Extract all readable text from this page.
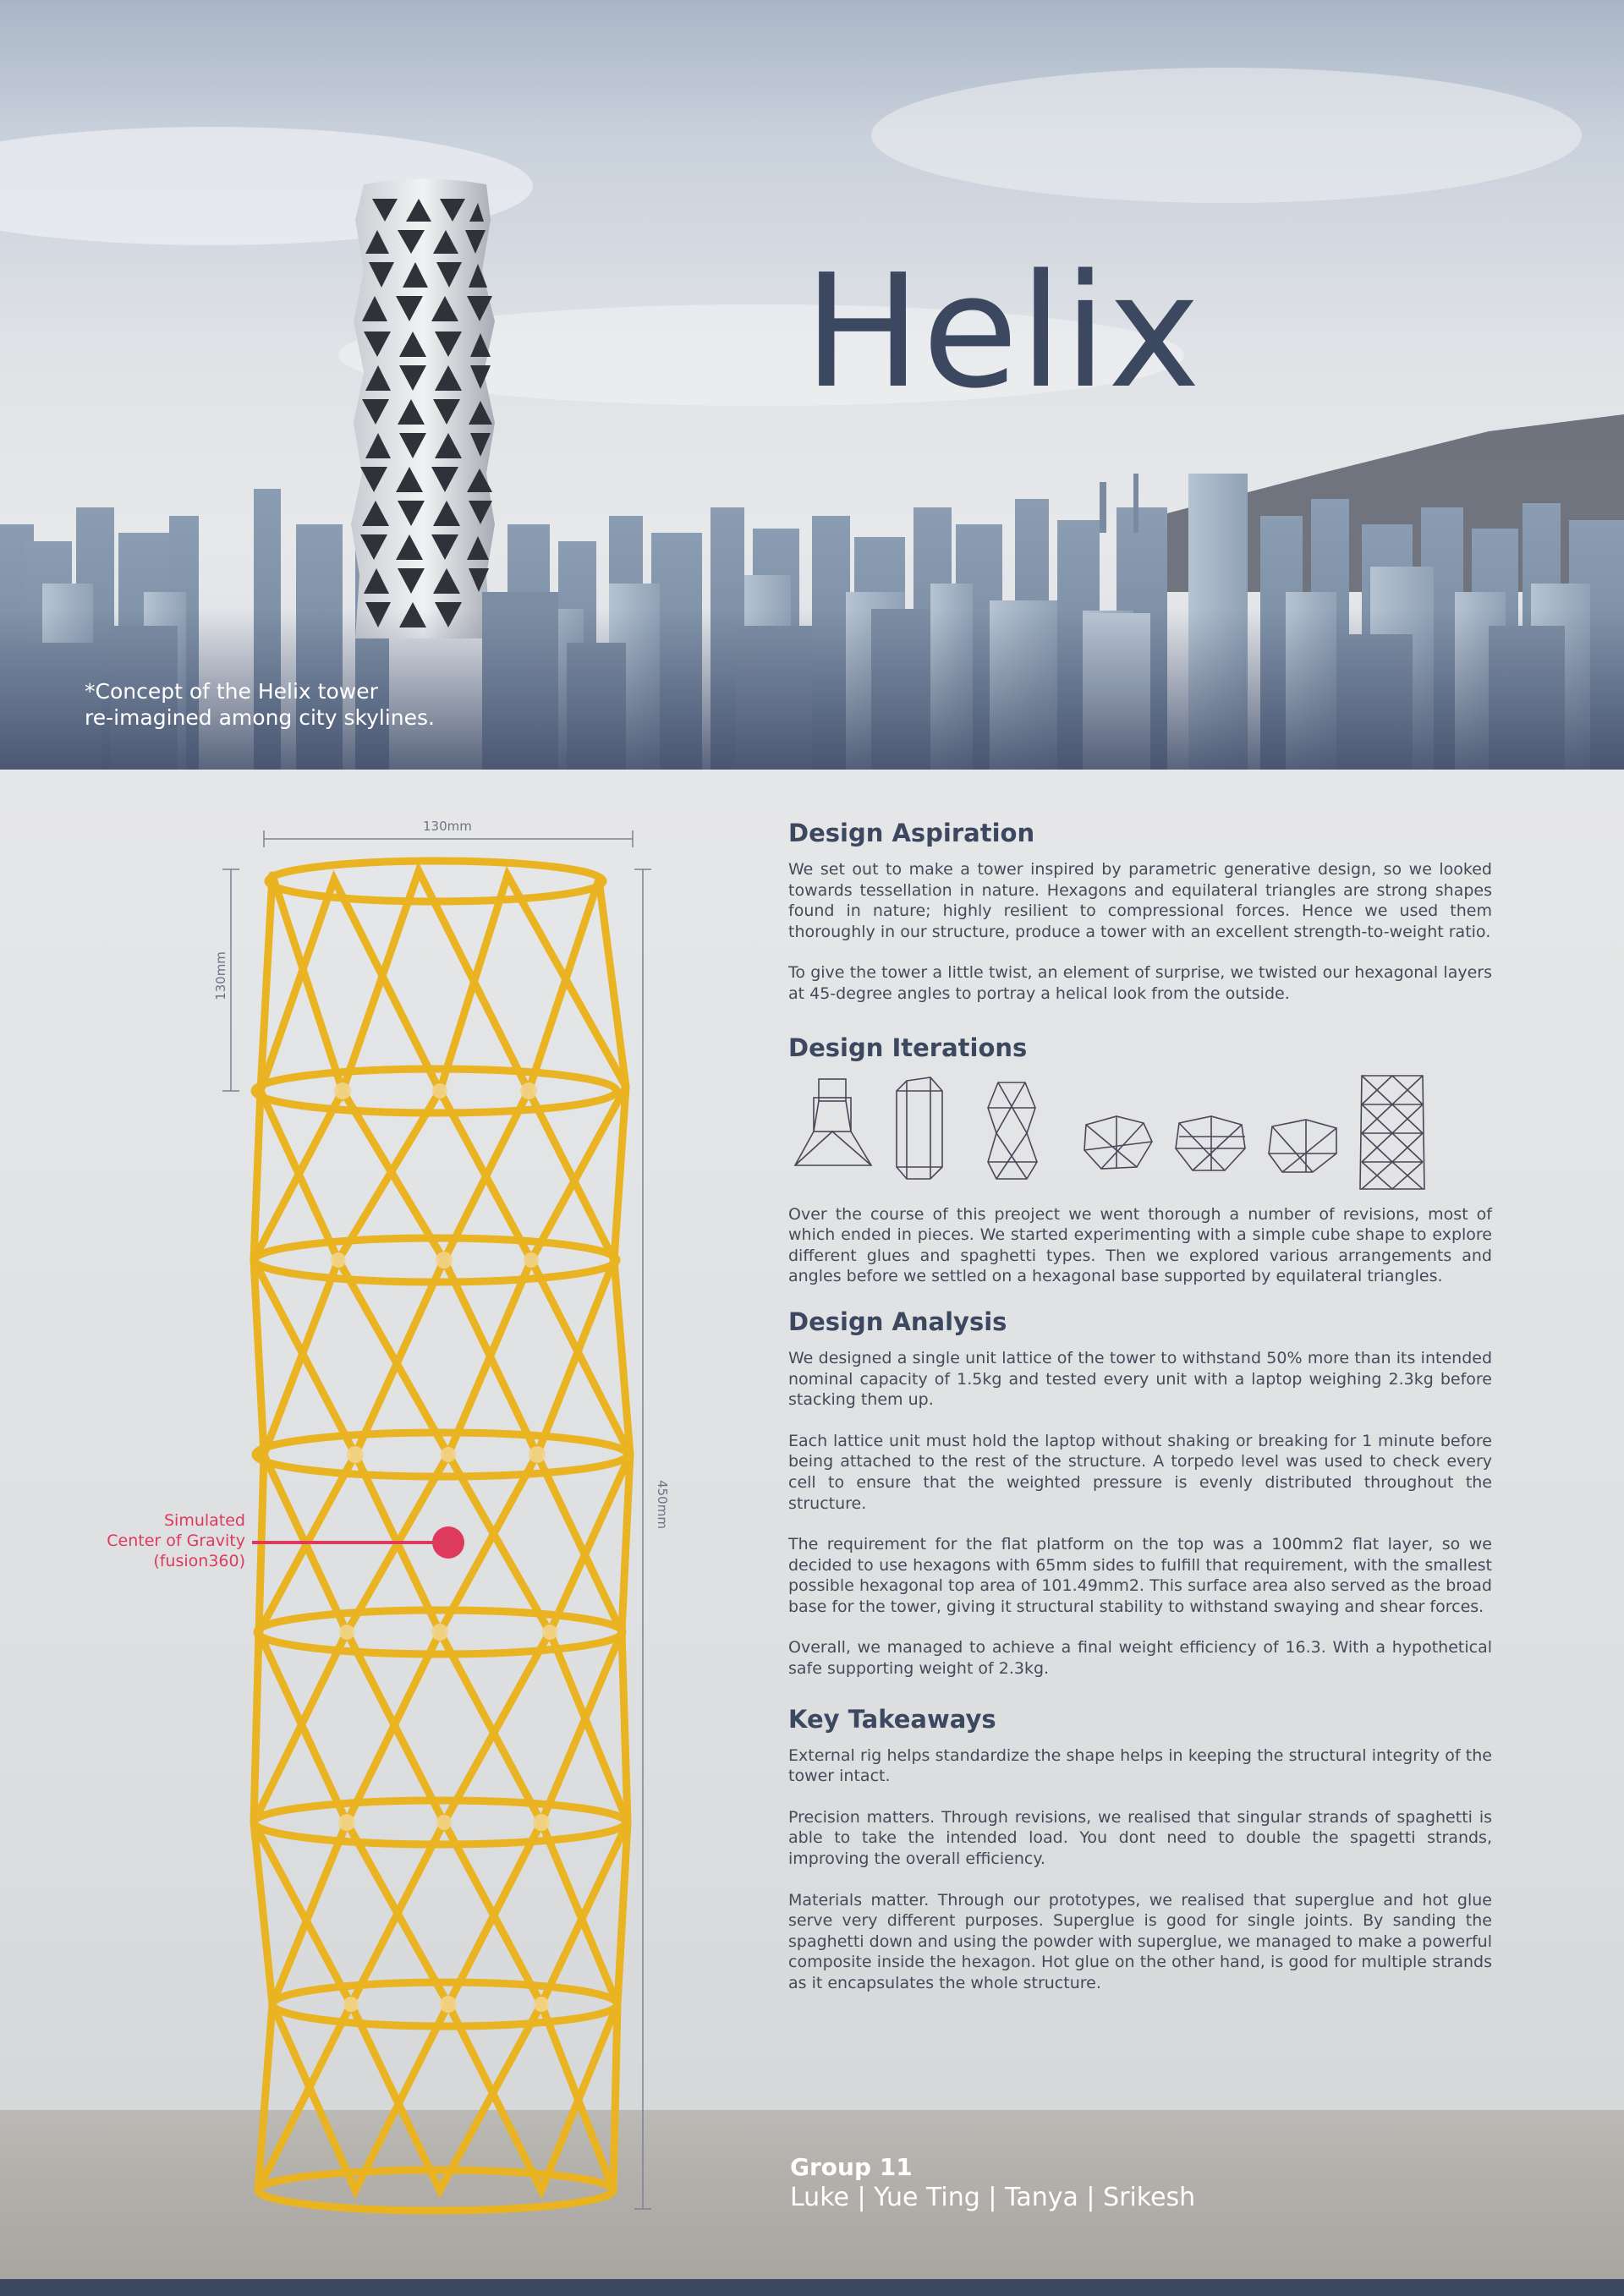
Helix
*Concept of the Helix tower
re-imagined among city skylines.
130mm
130mm
450mm
Simulated
Center of Gravity
(fusion360)
Design Aspiration

We set out to make a tower inspired by parametric generative design, so we looked towards tessellation in nature. Hexagons and equilateral triangles are strong shapes found in nature; highly resilient to compressional forces. Hence we used them thoroughly in our structure, produce a tower with an excellent strength-to-weight ratio.

To give the tower a little twist, an element of surprise, we twisted our hexagonal layers at 45-degree angles to portray a helical look from the outside.

Design Iterations

Over the course of this preoject we went thorough a number of revisions, most of which ended in pieces. We started experimenting with a simple cube shape to explore different glues and spaghetti types. Then we explored various arrangements and angles before we settled on a hexagonal base supported by equilateral triangles.

Design Analysis

We designed a single unit lattice of the tower to withstand 50% more than its intended nominal capacity of 1.5kg and tested every unit with a laptop weighing 2.3kg before stacking them up.

Each lattice unit must hold the laptop without shaking or breaking for 1 minute before being attached to the rest of the structure. A torpedo level was used to check every cell to ensure that the weighted pressure is evenly distributed throughout the structure.

The requirement for the flat platform on the top was a 100mm2 flat layer, so we decided to use hexagons with 65mm sides to fulfill that requirement, with the smallest possible hexagonal top area of 101.49mm2. This surface area also served as the broad base for the tower, giving it structural stability to withstand swaying and shear forces.

Overall, we managed to achieve a final weight efficiency of 16.3. With a hypothetical safe supporting weight of 2.3kg.

Key Takeaways

External rig helps standardize the shape helps in keeping the structural integrity of the tower intact.

Precision matters. Through revisions, we realised that singular strands of spaghetti is able to take the intended load. You dont need to double the spagetti strands, improving the overall efficiency.

Materials matter. Through our prototypes, we realised that superglue and hot glue serve very different purposes. Superglue is good for single joints. By sanding the spaghetti down and using the powder with superglue, we managed to make a powerful composite inside the hexagon. Hot glue on the other hand, is good for multiple strands as it encapsulates the whole structure.

Group 11
Luke | Yue Ting | Tanya | Srikesh
